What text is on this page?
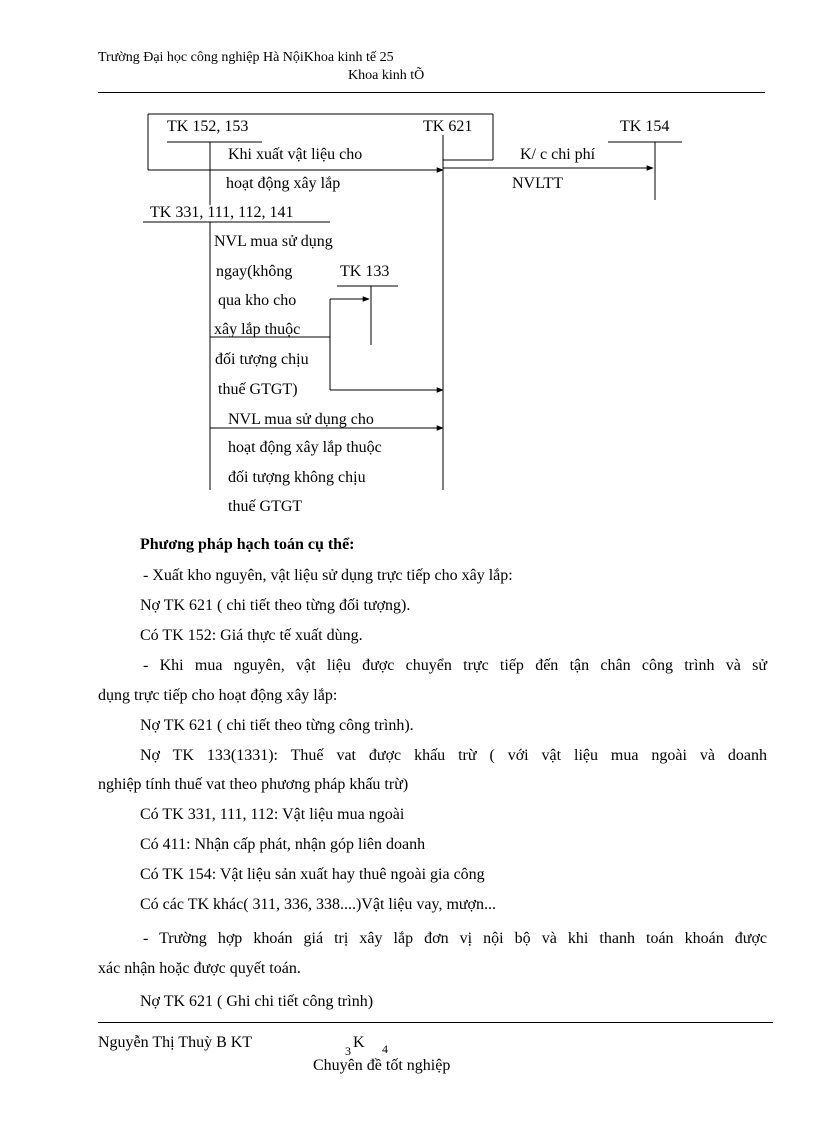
Trường Đại học công nghiệp Hà NộiKhoa kinh tế 25
Khoa kinh tÕ
TK 152, 153	TK 621	TK 154
Khi xuất vật liệu cho
hoạt động xây lắp
K/ c chi phí
NVLTT
TK 331, 111, 112, 141
TK 133
NVL mua sử dụng
ngay(không
qua kho cho
xây lắp thuộc
đối tượng chịu
thuế GTGT)
NVL mua sử dụng cho
hoạt động xây lắp thuộc
đối tượng không chịu
thuế GTGT
Phương pháp hạch toán cụ thể:
- Xuất kho nguyên, vật liệu sử dụng trực tiếp cho xây lắp:
Nợ TK 621 ( chi tiết theo từng đối tượng).
Có TK 152: Giá thực tế xuất dùng.
- Khi mua nguyên, vật liệu được chuyển trực tiếp đến tận chân công trình và sử
dụng trực tiếp cho hoạt động xây lắp:
Nợ TK 621 ( chi tiết theo từng công trình).
Nợ TK 133(1331): Thuế vat được khấu trừ ( với vật liệu mua ngoài và doanh
nghiệp tính thuế vat theo phương pháp khấu trừ)
Có TK 331, 111, 112: Vật liệu mua ngoài
Có 411: Nhận cấp phát, nhận góp liên doanh
Có TK 154: Vật liệu sản xuất hay thuê ngoài gia công
Có các TK khác( 311, 336, 338....)Vật liệu vay, mượn...
- Trường hợp khoán giá trị xây lắp đơn vị nội bộ và khi thanh toán khoán được
xác nhận hoặc được quyết toán.
Nợ TK 621 ( Ghi chi tiết công trình)
Nguyễn Thị Thuỳ B KT	3 K 4
Chuyên đề tốt nghiệp
